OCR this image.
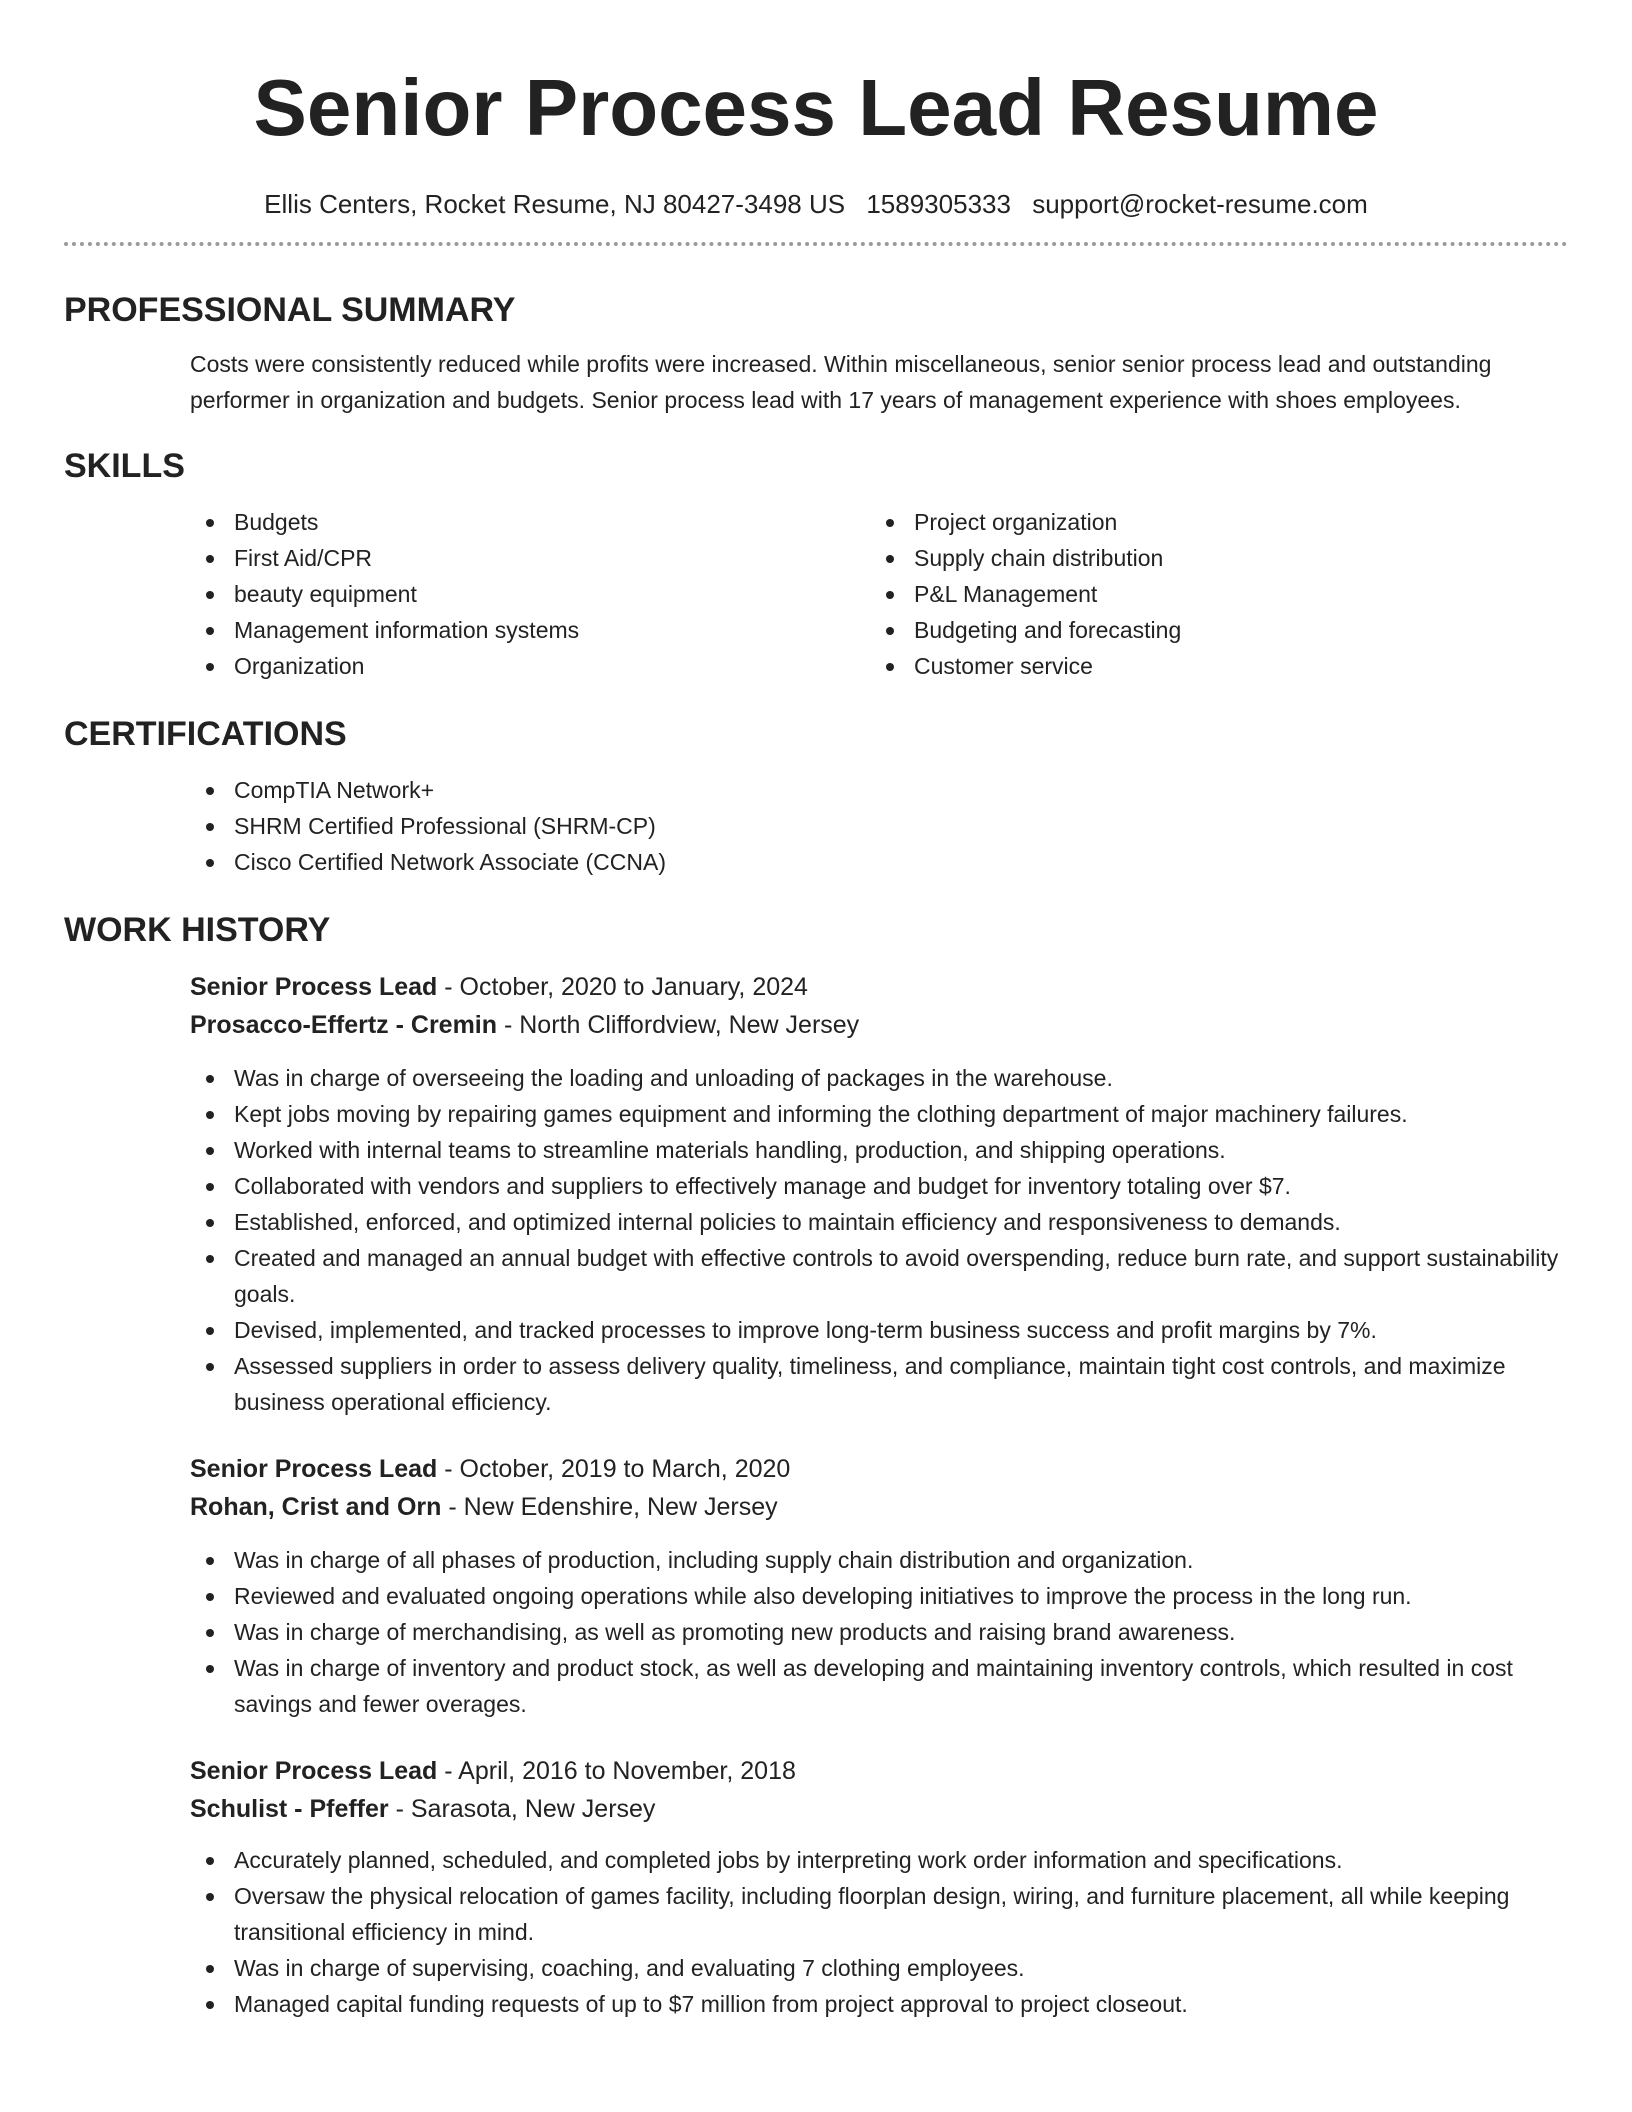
Senior Process Lead Resume
Ellis Centers, Rocket Resume, NJ 80427-3498 US 1589305333 support@rocket-resume.com
PROFESSIONAL SUMMARY
Costs were consistently reduced while profits were increased. Within miscellaneous, senior senior process lead and outstanding performer in organization and budgets. Senior process lead with 17 years of management experience with shoes employees.
SKILLS
Budgets
First Aid/CPR
beauty equipment
Management information systems
Organization
Project organization
Supply chain distribution
P&L Management
Budgeting and forecasting
Customer service
CERTIFICATIONS
CompTIA Network+
SHRM Certified Professional (SHRM-CP)
Cisco Certified Network Associate (CCNA)
WORK HISTORY
Senior Process Lead - October, 2020 to January, 2024
Prosacco-Effertz - Cremin - North Cliffordview, New Jersey
Was in charge of overseeing the loading and unloading of packages in the warehouse.
Kept jobs moving by repairing games equipment and informing the clothing department of major machinery failures.
Worked with internal teams to streamline materials handling, production, and shipping operations.
Collaborated with vendors and suppliers to effectively manage and budget for inventory totaling over $7.
Established, enforced, and optimized internal policies to maintain efficiency and responsiveness to demands.
Created and managed an annual budget with effective controls to avoid overspending, reduce burn rate, and support sustainability goals.
Devised, implemented, and tracked processes to improve long-term business success and profit margins by 7%.
Assessed suppliers in order to assess delivery quality, timeliness, and compliance, maintain tight cost controls, and maximize business operational efficiency.
Senior Process Lead - October, 2019 to March, 2020
Rohan, Crist and Orn - New Edenshire, New Jersey
Was in charge of all phases of production, including supply chain distribution and organization.
Reviewed and evaluated ongoing operations while also developing initiatives to improve the process in the long run.
Was in charge of merchandising, as well as promoting new products and raising brand awareness.
Was in charge of inventory and product stock, as well as developing and maintaining inventory controls, which resulted in cost savings and fewer overages.
Senior Process Lead - April, 2016 to November, 2018
Schulist - Pfeffer - Sarasota, New Jersey
Accurately planned, scheduled, and completed jobs by interpreting work order information and specifications.
Oversaw the physical relocation of games facility, including floorplan design, wiring, and furniture placement, all while keeping transitional efficiency in mind.
Was in charge of supervising, coaching, and evaluating 7 clothing employees.
Managed capital funding requests of up to $7 million from project approval to project closeout.
